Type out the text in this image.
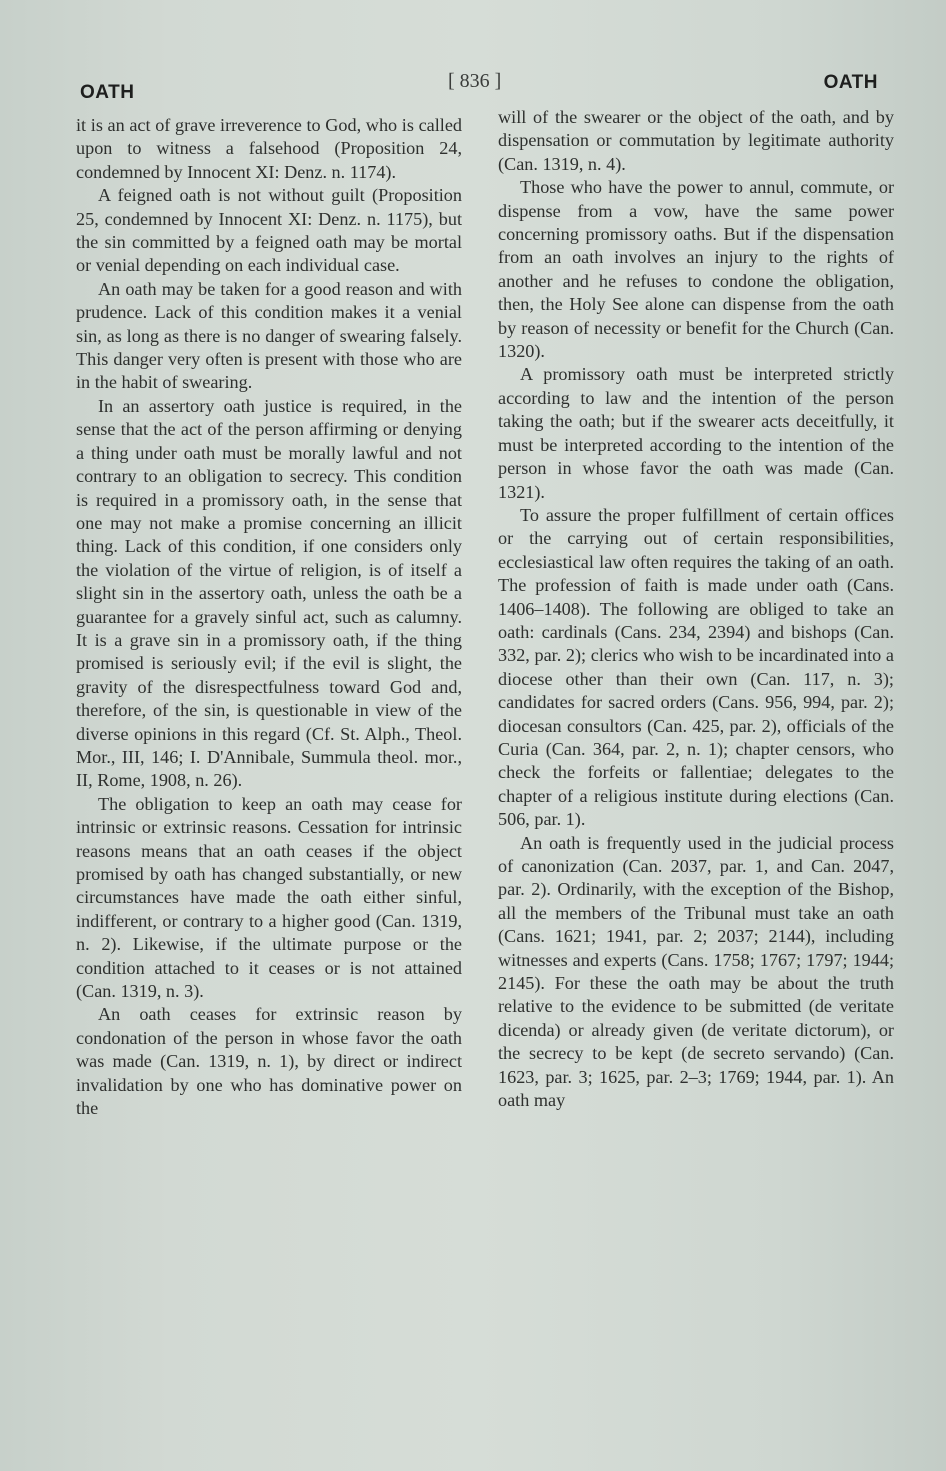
OATH
[ 836 ]	OATH

it is an act of grave irreverence to God, who is called upon to witness a falsehood (Proposition 24, condemned by Innocent XI: Denz. n. 1174).

A feigned oath is not without guilt (Proposition 25, condemned by Innocent XI: Denz. n. 1175), but the sin committed by a feigned oath may be mortal or venial depending on each individual case.

An oath may be taken for a good reason and with prudence. Lack of this condition makes it a venial sin, as long as there is no danger of swearing falsely. This danger very often is present with those who are in the habit of swearing.

In an assertory oath justice is required, in the sense that the act of the person affirming or denying a thing under oath must be morally lawful and not contrary to an obligation to secrecy. This condition is required in a promissory oath, in the sense that one may not make a promise concerning an illicit thing. Lack of this condition, if one considers only the violation of the virtue of religion, is of itself a slight sin in the assertory oath, unless the oath be a guarantee for a gravely sinful act, such as calumny. It is a grave sin in a promissory oath, if the thing promised is seriously evil; if the evil is slight, the gravity of the disrespectfulness toward God and, therefore, of the sin, is questionable in view of the diverse opinions in this regard (Cf. St. Alph., Theol. Mor., III, 146; I. D'Annibale, Summula theol. mor., II, Rome, 1908, n. 26).

The obligation to keep an oath may cease for intrinsic or extrinsic reasons. Cessation for intrinsic reasons means that an oath ceases if the object promised by oath has changed substantially, or new circumstances have made the oath either sinful, indifferent, or contrary to a higher good (Can. 1319, n. 2). Likewise, if the ultimate purpose or the condition attached to it ceases or is not attained (Can. 1319, n. 3).

An oath ceases for extrinsic reason by condonation of the person in whose favor the oath was made (Can. 1319, n. 1), by direct or indirect invalidation by one who has dominative power on the

will of the swearer or the object of the oath, and by dispensation or commutation by legitimate authority (Can. 1319, n. 4).

Those who have the power to annul, commute, or dispense from a vow, have the same power concerning promissory oaths. But if the dispensation from an oath involves an injury to the rights of another and he refuses to condone the obligation, then, the Holy See alone can dispense from the oath by reason of necessity or benefit for the Church (Can. 1320).

A promissory oath must be interpreted strictly according to law and the intention of the person taking the oath; but if the swearer acts deceitfully, it must be interpreted according to the intention of the person in whose favor the oath was made (Can. 1321).

To assure the proper fulfillment of certain offices or the carrying out of certain responsibilities, ecclesiastical law often requires the taking of an oath. The profession of faith is made under oath (Cans. 1406–1408). The following are obliged to take an oath: cardinals (Cans. 234, 2394) and bishops (Can. 332, par. 2); clerics who wish to be incardinated into a diocese other than their own (Can. 117, n. 3); candidates for sacred orders (Cans. 956, 994, par. 2); diocesan consultors (Can. 425, par. 2), officials of the Curia (Can. 364, par. 2, n. 1); chapter censors, who check the forfeits or fallentiae; delegates to the chapter of a religious institute during elections (Can. 506, par. 1).

An oath is frequently used in the judicial process of canonization (Can. 2037, par. 1, and Can. 2047, par. 2). Ordinarily, with the exception of the Bishop, all the members of the Tribunal must take an oath (Cans. 1621; 1941, par. 2; 2037; 2144), including witnesses and experts (Cans. 1758; 1767; 1797; 1944; 2145). For these the oath may be about the truth relative to the evidence to be submitted (de veritate dicenda) or already given (de veritate dictorum), or the secrecy to be kept (de secreto servando) (Can. 1623, par. 3; 1625, par. 2–3; 1769; 1944, par. 1). An oath may
